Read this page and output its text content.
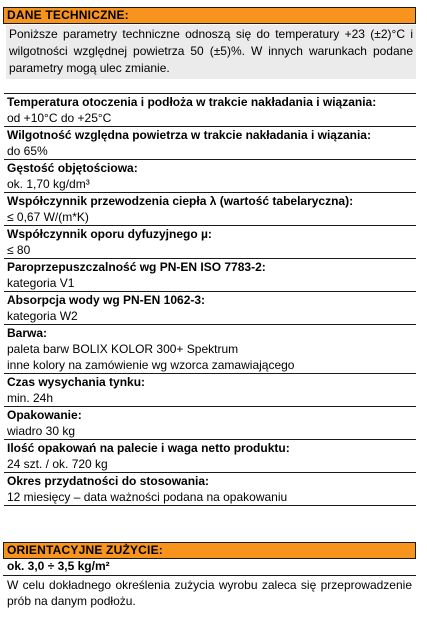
DANE TECHNICZNE:
Poniższe parametry techniczne odnoszą się do temperatury +23 (±2)°C i wilgotności względnej powietrza 50 (±5)%. W innych warunkach podane parametry mogą ulec zmianie.
Temperatura otoczenia i podłoża w trakcie nakładania i wiązania:
od +10°C do +25°C
Wilgotność względna powietrza w trakcie nakładania i wiązania:
do 65%
Gęstość objętościowa:
ok. 1,70 kg/dm³
Współczynnik przewodzenia ciepła λ (wartość tabelaryczna):
≤ 0,67 W/(m*K)
Współczynnik oporu dyfuzyjnego µ:
≤ 80
Paroprzepuszczalność wg PN-EN ISO 7783-2:
kategoria V1
Absorpcja wody wg PN-EN 1062-3:
kategoria W2
Barwa:
paleta barw BOLIX KOLOR 300+ Spektrum
inne kolory na zamówienie wg wzorca zamawiającego
Czas wysychania tynku:
min. 24h
Opakowanie:
wiadro 30 kg
Ilość opakowań na palecie i waga netto produktu:
24 szt. / ok. 720 kg
Okres przydatności do stosowania:
12 miesięcy – data ważności podana na opakowaniu
ORIENTACYJNE ZUŻYCIE:
ok. 3,0 ÷ 3,5 kg/m²
W celu dokładnego określenia zużycia wyrobu zaleca się przeprowadzenie prób na danym podłożu.
